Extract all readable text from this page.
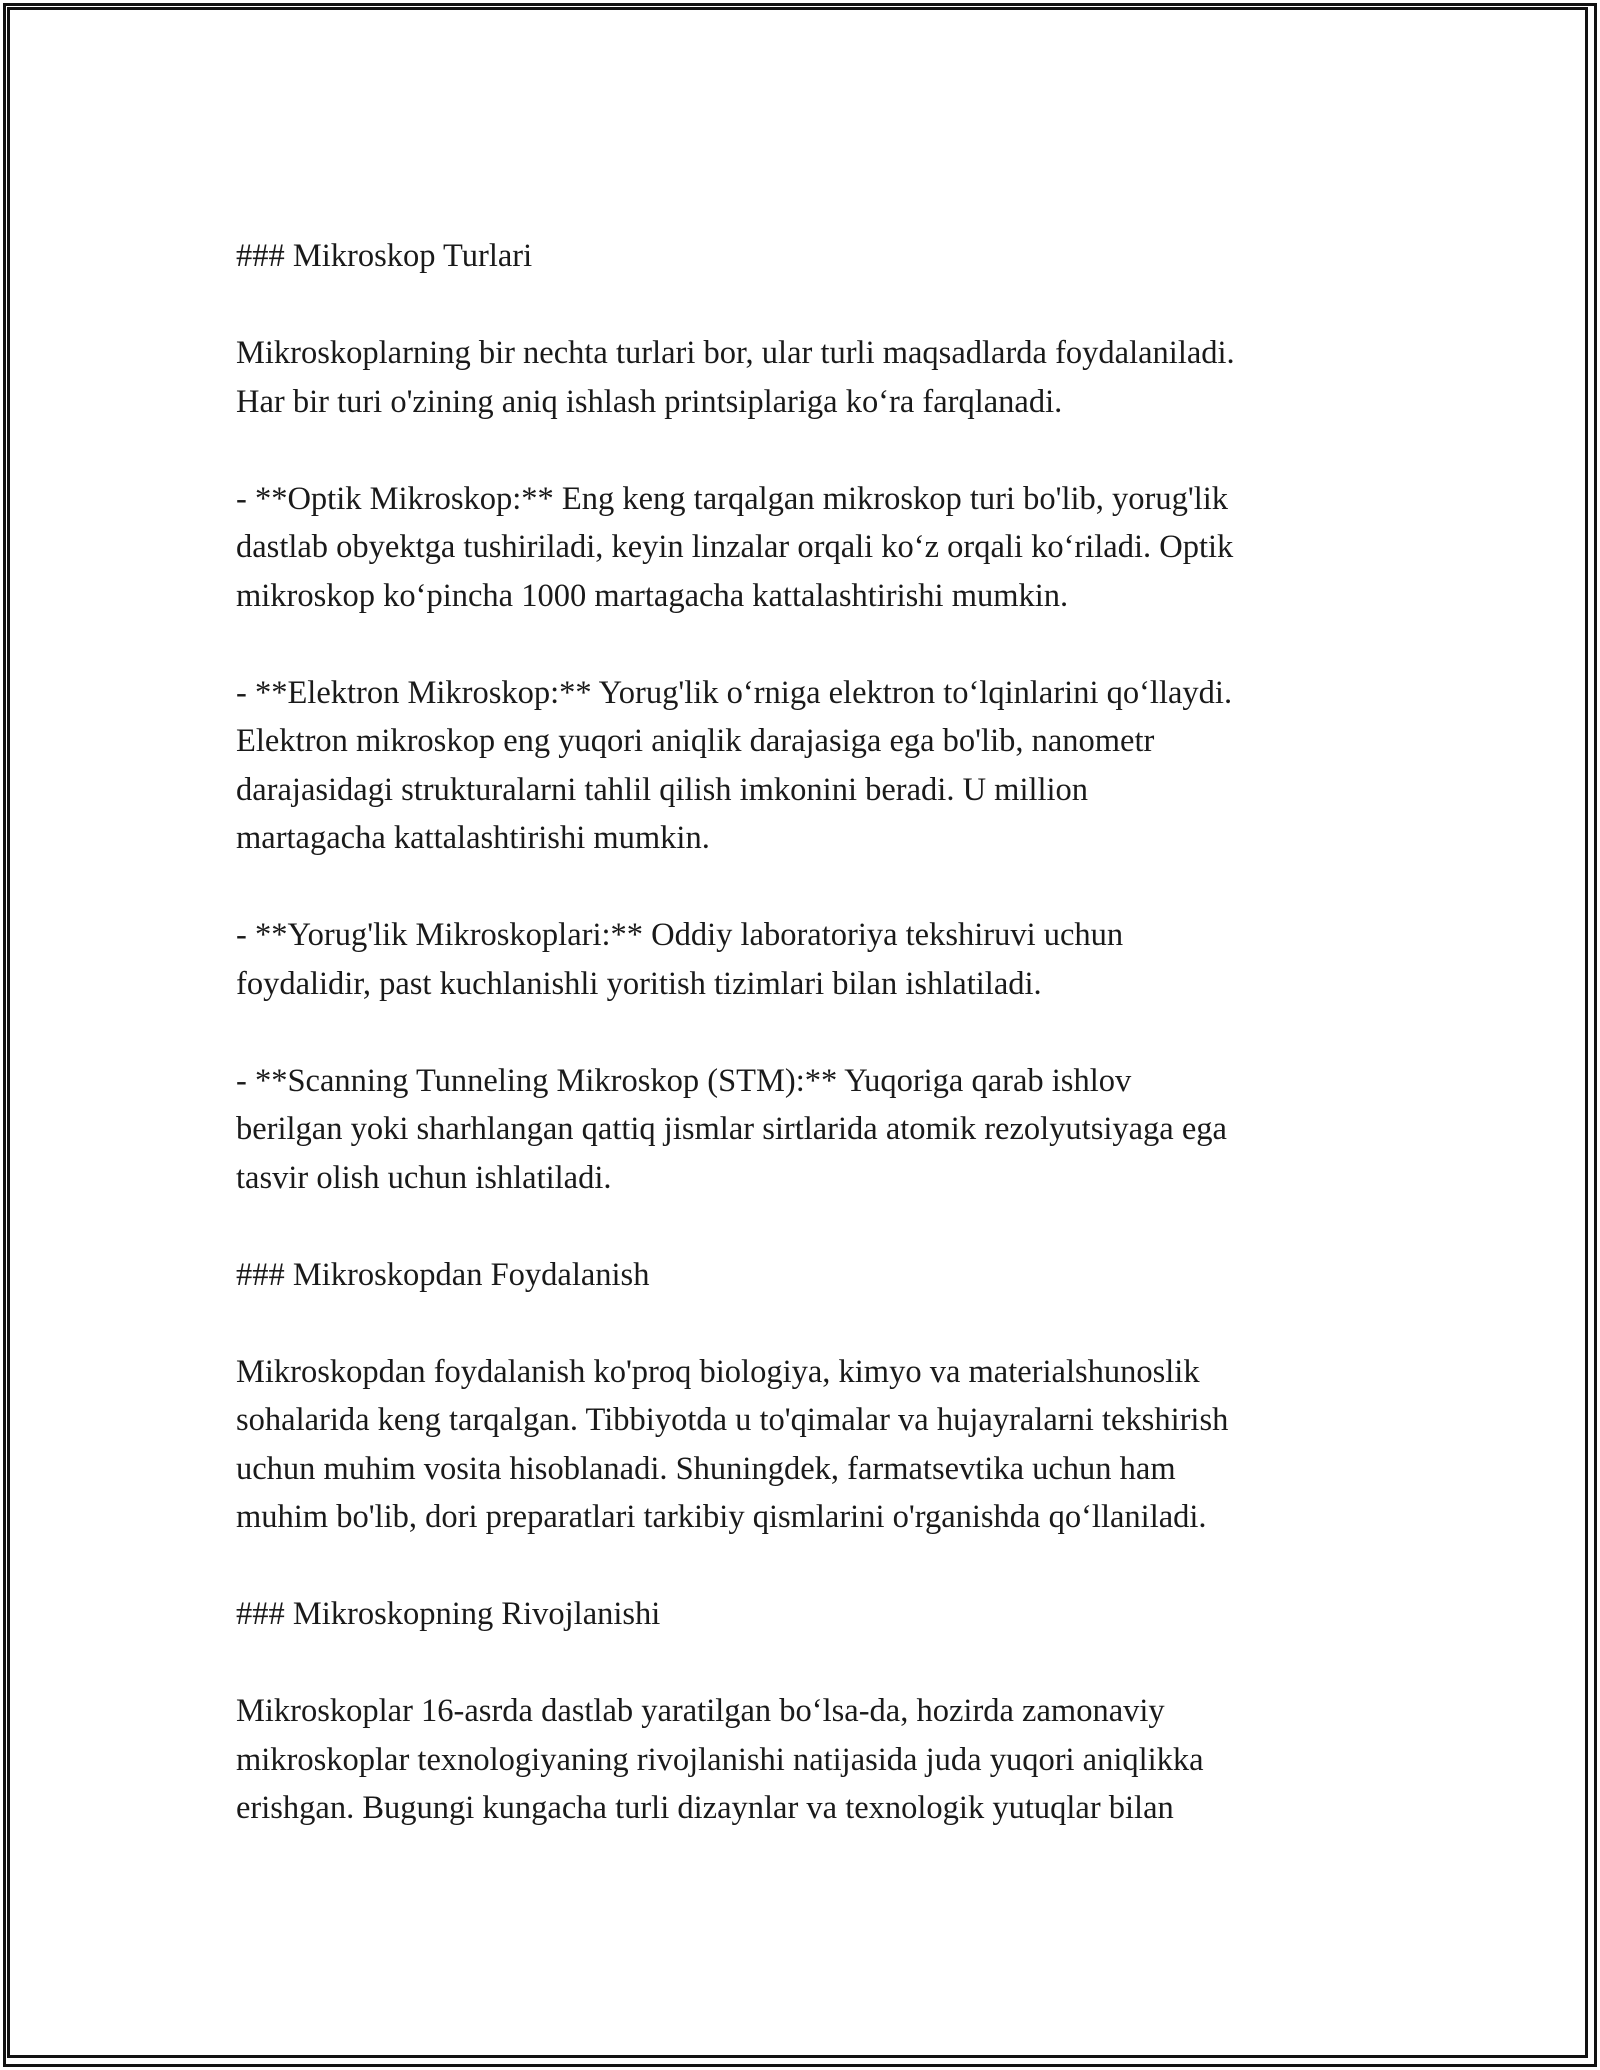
### Mikroskop Turlari

Mikroskoplarning bir nechta turlari bor, ular turli maqsadlarda foydalaniladi.
Har bir turi o'zining aniq ishlash printsiplariga ko‘ra farqlanadi.

- **Optik Mikroskop:** Eng keng tarqalgan mikroskop turi bo'lib, yorug'lik
dastlab obyektga tushiriladi, keyin linzalar orqali ko‘z orqali ko‘riladi. Optik
mikroskop ko‘pincha 1000 martagacha kattalashtirishi mumkin.

- **Elektron Mikroskop:** Yorug'lik o‘rniga elektron to‘lqinlarini qo‘llaydi.
Elektron mikroskop eng yuqori aniqlik darajasiga ega bo'lib, nanometr
darajasidagi strukturalarni tahlil qilish imkonini beradi. U million
martagacha kattalashtirishi mumkin.

- **Yorug'lik Mikroskoplari:** Oddiy laboratoriya tekshiruvi uchun
foydalidir, past kuchlanishli yoritish tizimlari bilan ishlatiladi.

- **Scanning Tunneling Mikroskop (STM):** Yuqoriga qarab ishlov
berilgan yoki sharhlangan qattiq jismlar sirtlarida atomik rezolyutsiyaga ega
tasvir olish uchun ishlatiladi.

### Mikroskopdan Foydalanish

Mikroskopdan foydalanish ko'proq biologiya, kimyo va materialshunoslik
sohalarida keng tarqalgan. Tibbiyotda u to'qimalar va hujayralarni tekshirish
uchun muhim vosita hisoblanadi. Shuningdek, farmatsevtika uchun ham
muhim bo'lib, dori preparatlari tarkibiy qismlarini o'rganishda qo‘llaniladi.

### Mikroskopning Rivojlanishi

Mikroskoplar 16-asrda dastlab yaratilgan bo‘lsa-da, hozirda zamonaviy
mikroskoplar texnologiyaning rivojlanishi natijasida juda yuqori aniqlikka
erishgan. Bugungi kungacha turli dizaynlar va texnologik yutuqlar bilan
